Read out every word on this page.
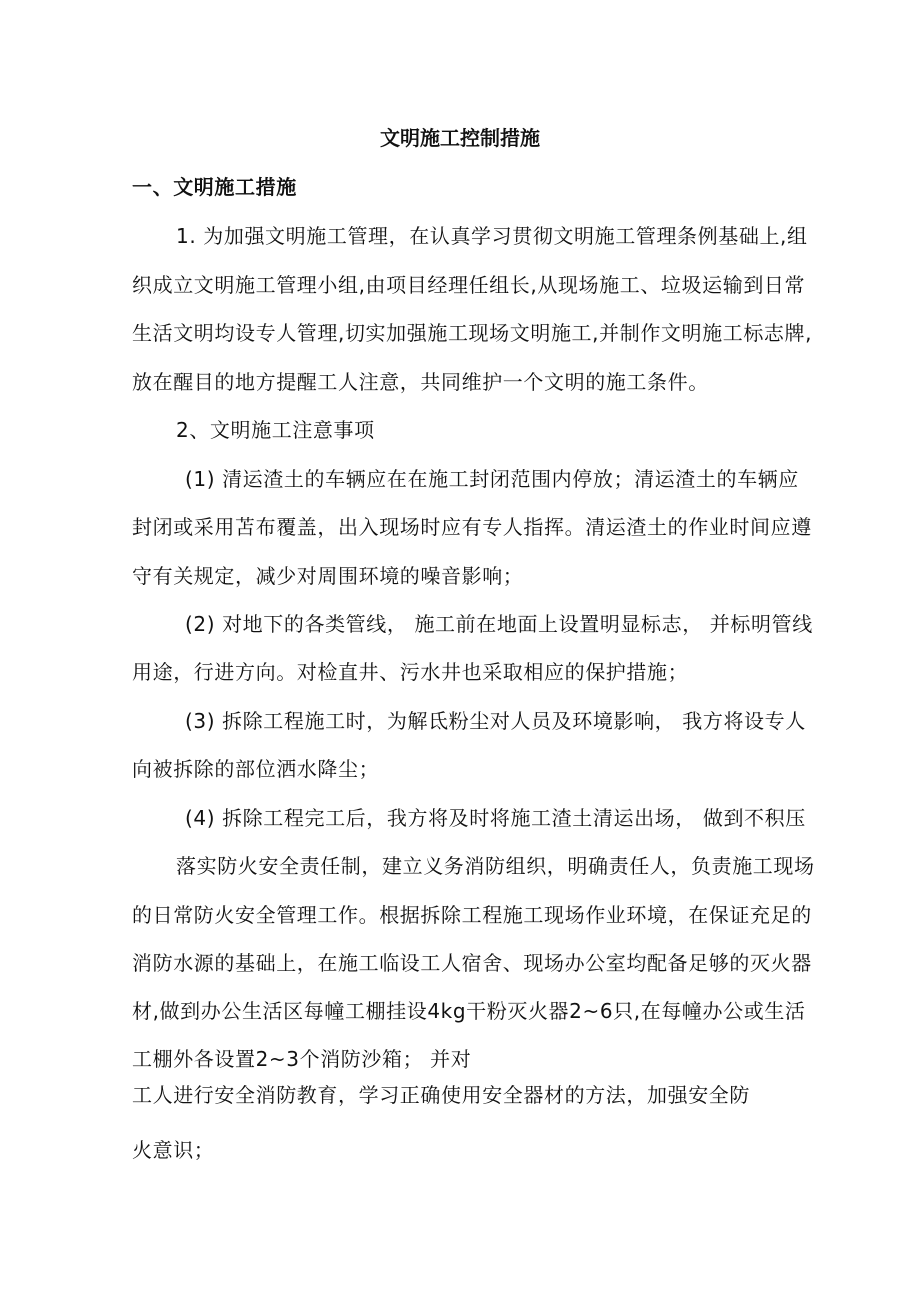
文明施工控制措施
一、文明施工措施
1. 为加强文明施工管理，在认真学习贯彻文明施工管理条例基础上,组
织成立文明施工管理小组,由项目经理任组长,从现场施工、垃圾运输到日常
生活文明均设专人管理,切实加强施工现场文明施工,并制作文明施工标志牌,
放在醒目的地方提醒工人注意，共同维护一个文明的施工条件。
2、文明施工注意事项
(1) 清运渣土的车辆应在在施工封闭范围内停放；清运渣土的车辆应
封闭或采用苫布覆盖，出入现场时应有专人指挥。清运渣土的作业时间应遵
守有关规定，减少对周围环境的噪音影响；
(2) 对地下的各类管线， 施工前在地面上设置明显标志， 并标明管线
用途，行进方向。对检直井、污水井也采取相应的保护措施；
(3) 拆除工程施工时，为解氐粉尘对人员及环境影响， 我方将设专人
向被拆除的部位洒水降尘；
(4) 拆除工程完工后，我方将及时将施工渣土清运出场， 做到不积压
落实防火安全责任制，建立义务消防组织，明确责任人，负责施工现场
的日常防火安全管理工作。根据拆除工程施工现场作业环境，在保证充足的
消防水源的基础上，在施工临设工人宿舍、现场办公室均配备足够的灭火器
材,做到办公生活区每幢工棚挂设4kg干粉灭火器2~6只,在每幢办公或生活
工棚外各设置2~3个消防沙箱； 并对
工人进行安全消防教育，学习正确使用安全器材的方法，加强安全防
火意识；
